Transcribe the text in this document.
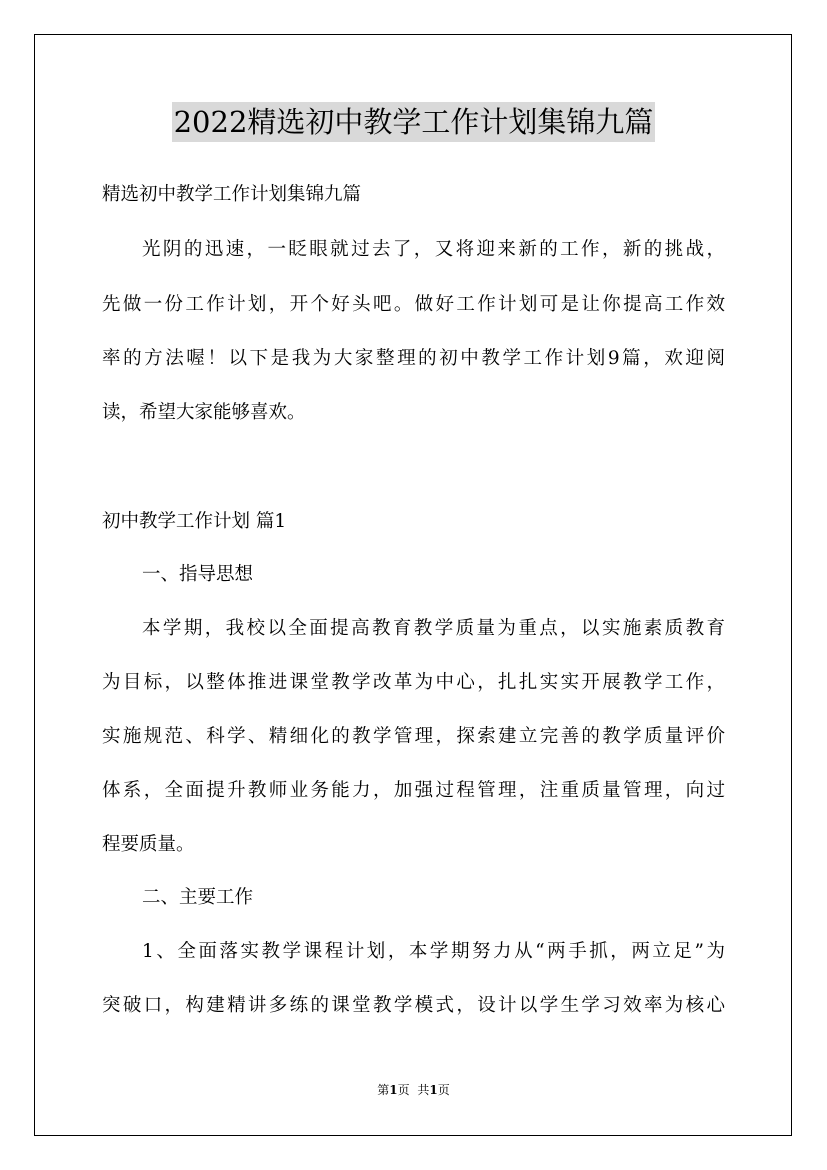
2022精选初中教学工作计划集锦九篇
精选初中教学工作计划集锦九篇
光阴的迅速，一眨眼就过去了，又将迎来新的工作，新的挑战，
先做一份工作计划，开个好头吧。做好工作计划可是让你提高工作效
率的方法喔！以下是我为大家整理的初中教学工作计划9篇，欢迎阅
读，希望大家能够喜欢。
初中教学工作计划 篇1
一、指导思想
本学期，我校以全面提高教育教学质量为重点，以实施素质教育
为目标，以整体推进课堂教学改革为中心，扎扎实实开展教学工作，
实施规范、科学、精细化的教学管理，探索建立完善的教学质量评价
体系，全面提升教师业务能力，加强过程管理，注重质量管理，向过
程要质量。
二、主要工作
1、全面落实教学课程计划，本学期努力从“两手抓，两立足”为
突破口，构建精讲多练的课堂教学模式，设计以学生学习效率为核心
第1页 共1页
